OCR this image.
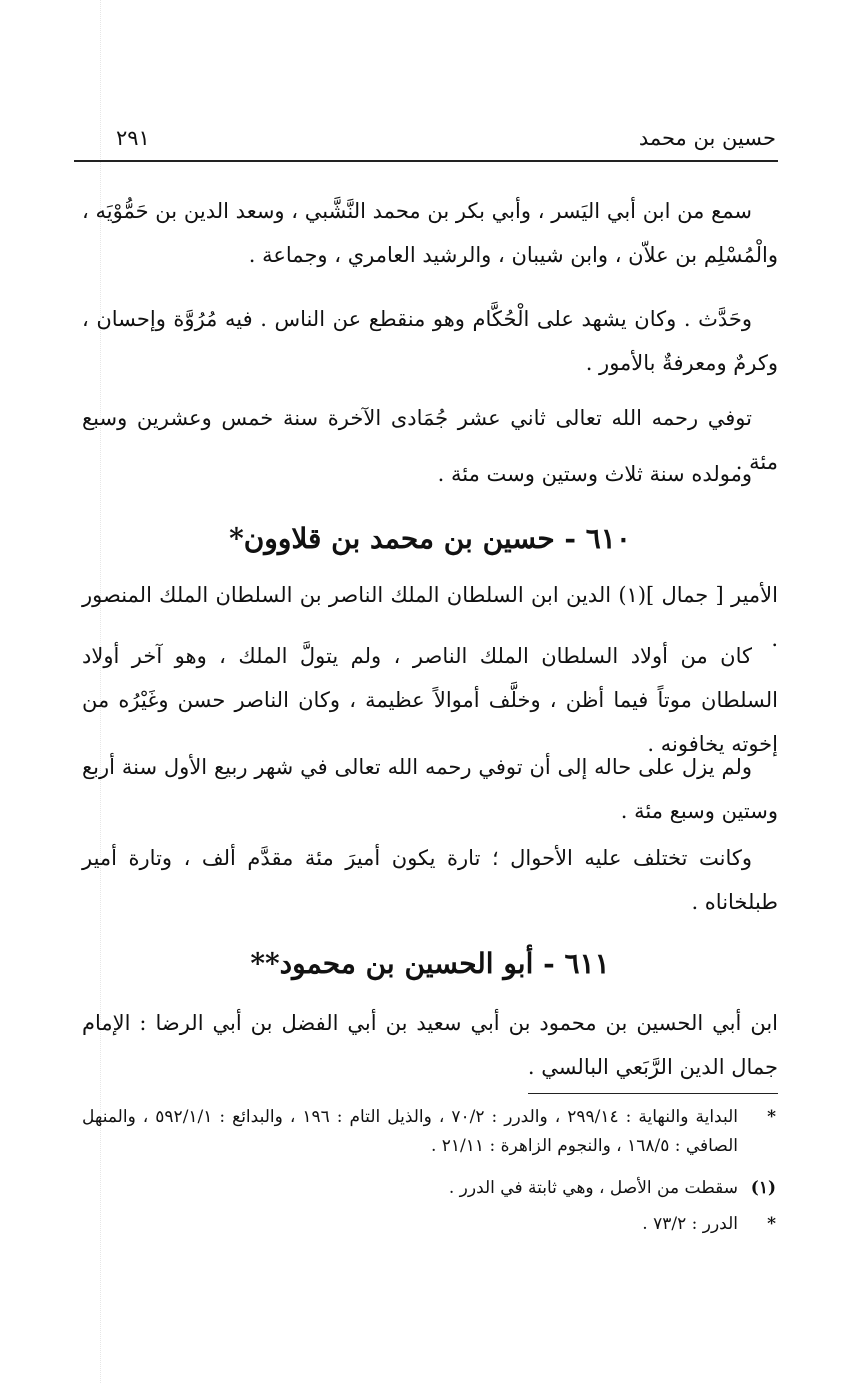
حسين بن محمد
٢٩١

سمع من ابن أبي اليَسر ، وأبي بكر بن محمد النَّشَّبي ، وسعد الدين بن حَمُّوْيَه ، والْمُسْلِم بن علاّن ، وابن شيبان ، والرشيد العامري ، وجماعة .

وحَدَّث . وكان يشهد على الْحُكَّام وهو منقطع عن الناس . فيه مُرُوَّة وإحسان ، وكرمٌ ومعرفةٌ بالأمور .

توفي رحمه الله تعالى ثاني عشر جُمَادى الآخرة سنة خمس وعشرين وسبع مئة .

ومولده سنة ثلاث وستين وست مئة .

٦١٠ - حسين بن محمد بن قلاوون*

الأمير [ جمال ](١) الدين ابن السلطان الملك الناصر بن السلطان الملك المنصور .

كان من أولاد السلطان الملك الناصر ، ولم يتولَّ الملك ، وهو آخر أولاد السلطان موتاً فيما أظن ، وخلَّف أموالاً عظيمة ، وكان الناصر حسن وغَيْرُه من إخوته يخافونه .

ولم يزل على حاله إلى أن توفي رحمه الله تعالى في شهر ربيع الأول سنة أربع وستين وسبع مئة .

وكانت تختلف عليه الأحوال ؛ تارة يكون أميرَ مئة مقدَّم ألف ، وتارة أمير طبلخاناه .

٦١١ - أبو الحسين بن محمود**

ابن أبي الحسين بن محمود بن أبي سعيد بن أبي الفضل بن أبي الرضا : الإمام جمال الدين الرَّبَعي البالسي .

*
البداية والنهاية : ٢٩٩/١٤ ، والدرر : ٧٠/٢ ، والذيل التام : ١٩٦ ، والبدائع : ٥٩٢/١/١ ، والمنهل الصافي : ١٦٨/٥ ، والنجوم الزاهرة : ٢١/١١ .
(١)
سقطت من الأصل ، وهي ثابتة في الدرر .
*
الدرر : ٧٣/٢ .
